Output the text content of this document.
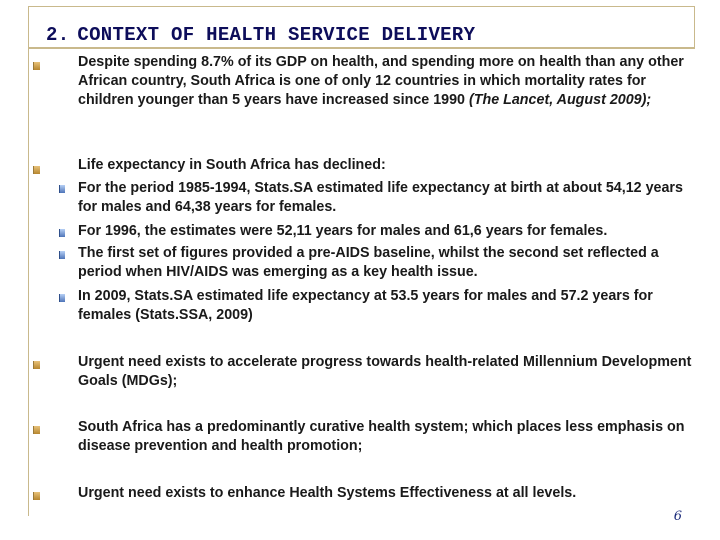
2. CONTEXT OF HEALTH SERVICE DELIVERY
Despite spending 8.7% of its GDP on health, and spending more on health than any other African country, South Africa is one of only 12 countries in which mortality rates for children younger than 5 years have increased since 1990 (The Lancet, August 2009);
Life expectancy in South Africa has declined:
For the period 1985-1994, Stats.SA estimated life expectancy at birth at about 54,12 years for males and 64,38 years for females.
For 1996, the estimates were 52,11 years for males and 61,6 years for females.
The first set of figures provided a pre-AIDS baseline, whilst the second set reflected a period when HIV/AIDS was emerging as a key health issue.
In 2009, Stats.SA estimated life expectancy at 53.5 years for males and 57.2 years for females (Stats.SSA, 2009)
Urgent need exists to accelerate progress towards health-related Millennium Development Goals (MDGs);
South Africa has a predominantly curative health system; which places less emphasis on disease prevention and health promotion;
Urgent need exists to enhance Health Systems Effectiveness at all levels.
6
